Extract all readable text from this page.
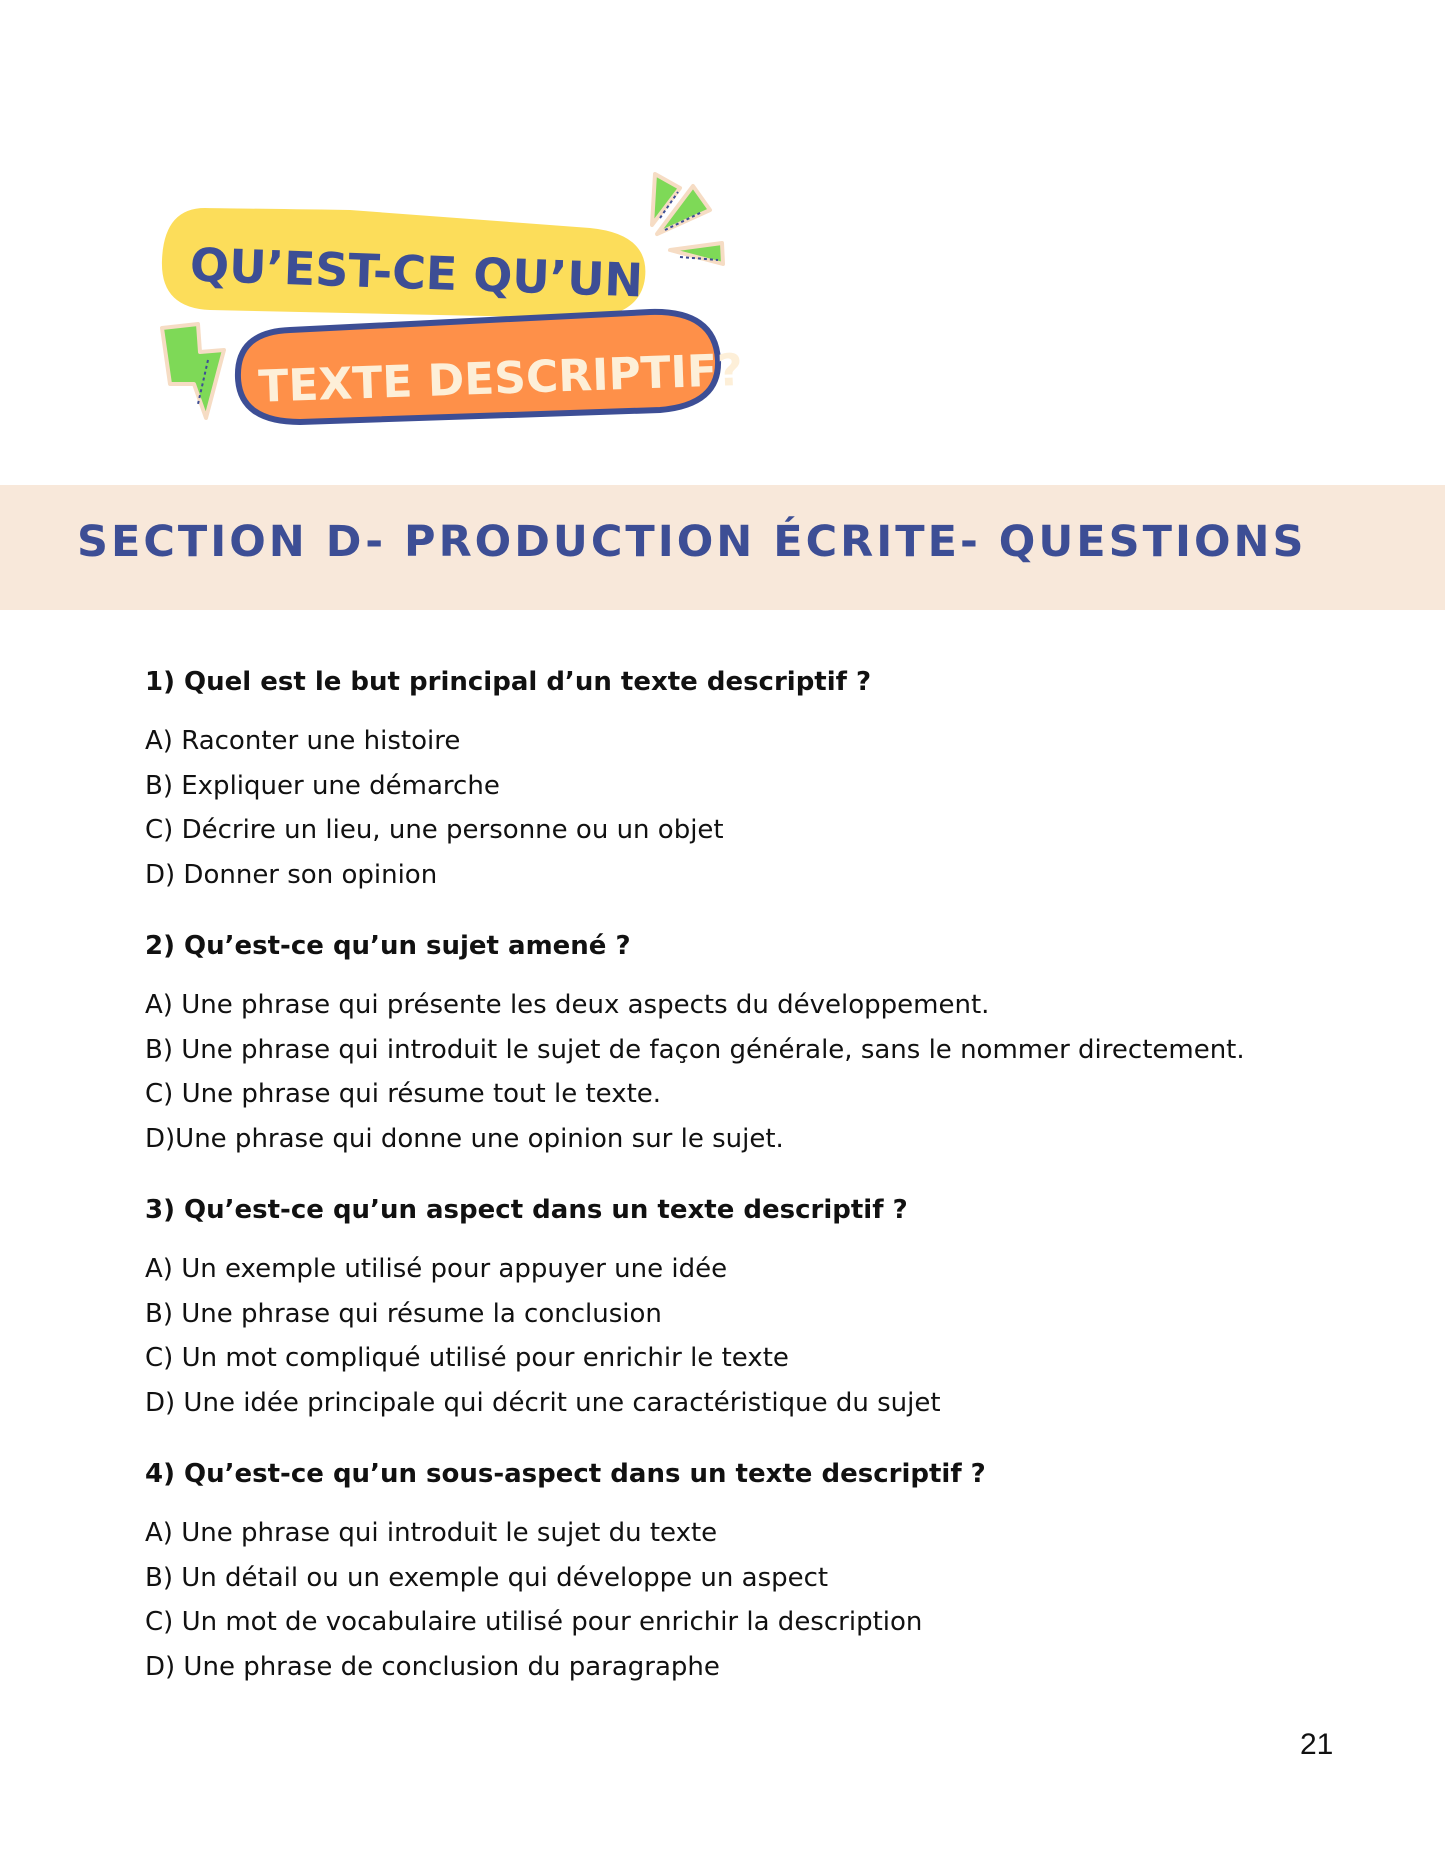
QU’EST-CE QU’UN
TEXTE DESCRIPTIF?
SECTION D- PRODUCTION ÉCRITE- QUESTIONS

1) Quel est le but principal d’un texte descriptif ?

A) Raconter une histoire
B) Expliquer une démarche
C) Décrire un lieu, une personne ou un objet
D) Donner son opinion

2) Qu’est-ce qu’un sujet amené ?

A) Une phrase qui présente les deux aspects du développement.
B) Une phrase qui introduit le sujet de façon générale, sans le nommer directement.
C) Une phrase qui résume tout le texte.
D)Une phrase qui donne une opinion sur le sujet.

3) Qu’est-ce qu’un aspect dans un texte descriptif ?

A) Un exemple utilisé pour appuyer une idée
B) Une phrase qui résume la conclusion
C) Un mot compliqué utilisé pour enrichir le texte
D) Une idée principale qui décrit une caractéristique du sujet

4) Qu’est-ce qu’un sous-aspect dans un texte descriptif ?

A) Une phrase qui introduit le sujet du texte
B) Un détail ou un exemple qui développe un aspect
C) Un mot de vocabulaire utilisé pour enrichir la description
D) Une phrase de conclusion du paragraphe
21
